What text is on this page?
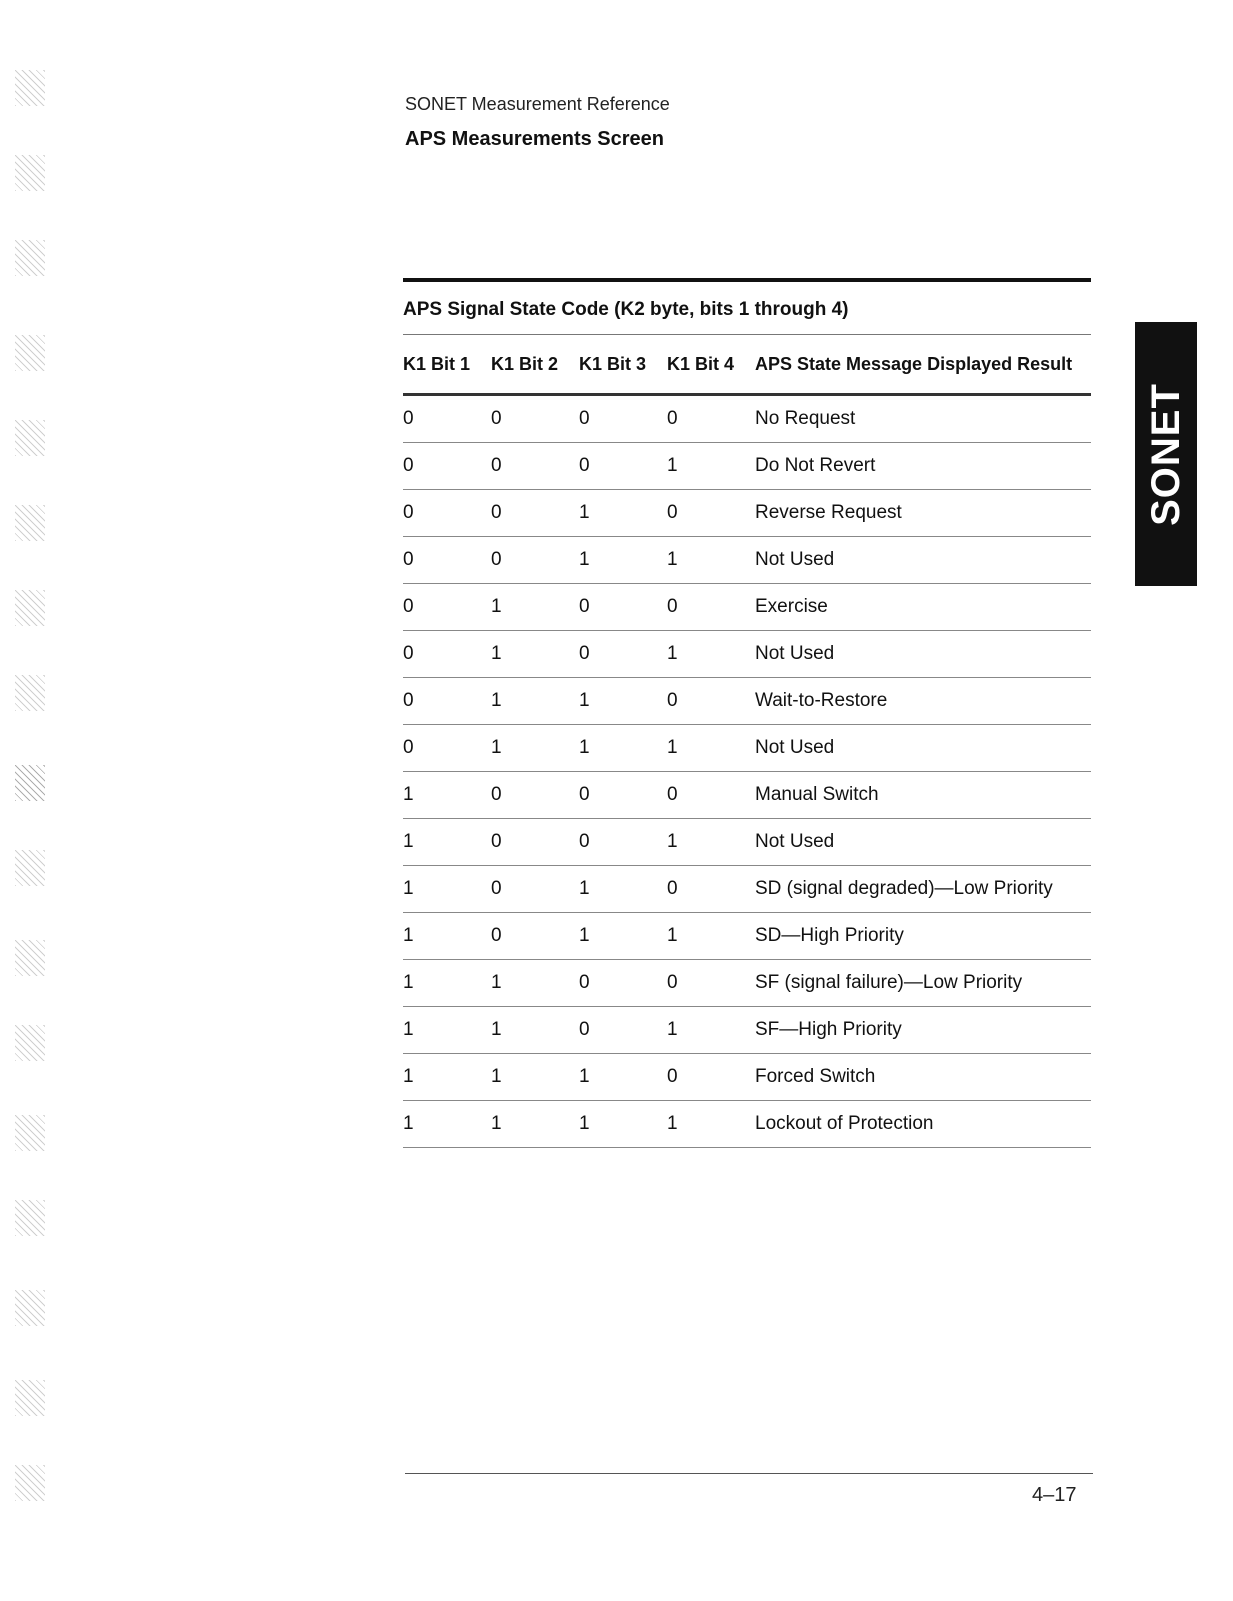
SONET Measurement Reference
APS Measurements Screen
APS Signal State Code (K2 byte, bits 1 through 4)
K1 Bit 1	K1 Bit 2	K1 Bit 3	K1 Bit 4	APS State Message Displayed Result
0	0	0	0	No Request
0	0	0	1	Do Not Revert
0	0	1	0	Reverse Request
0	0	1	1	Not Used
0	1	0	0	Exercise
0	1	0	1	Not Used
0	1	1	0	Wait-to-Restore
0	1	1	1	Not Used
1	0	0	0	Manual Switch
1	0	0	1	Not Used
1	0	1	0	SD (signal degraded)—Low Priority
1	0	1	1	SD—High Priority
1	1	0	0	SF (signal failure)—Low Priority
1	1	0	1	SF—High Priority
1	1	1	0	Forced Switch
1	1	1	1	Lockout of Protection
SONET
4–17
